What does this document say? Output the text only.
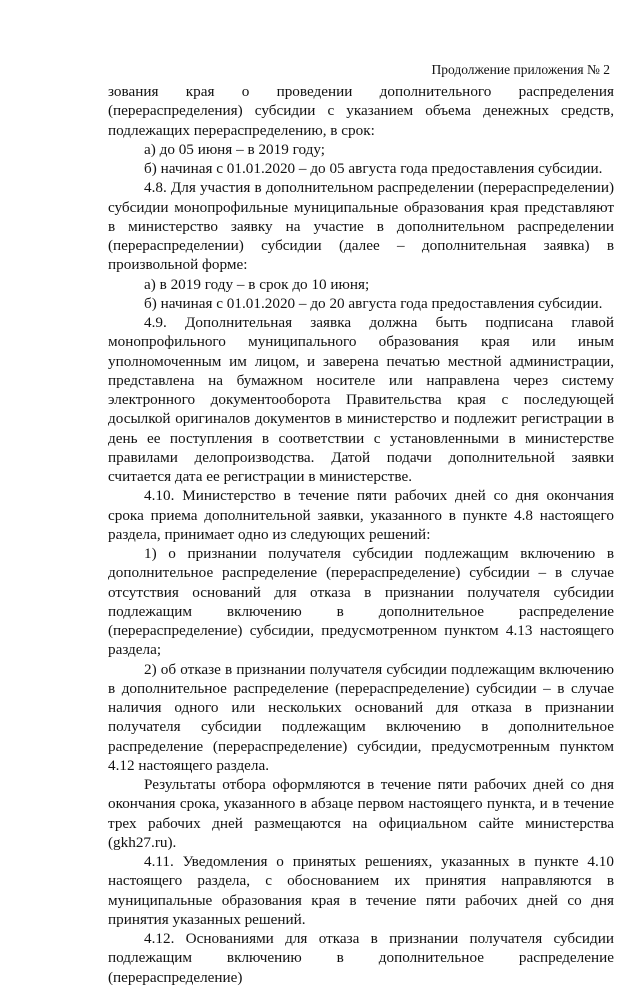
Продолжение приложения № 2

зования края о проведении дополнительного распределения (перераспределения) субсидии с указанием объема денежных средств, подлежащих перераспределению, в срок:

а) до 05 июня – в 2019 году;

б) начиная с 01.01.2020 – до 05 августа года предоставления субсидии.

4.8. Для участия в дополнительном распределении (перераспределении) субсидии монопрофильные муниципальные образования края представляют в министерство заявку на участие в дополнительном распределении (перераспределении) субсидии (далее – дополнительная заявка) в произвольной форме:

а) в 2019 году – в срок до 10 июня;

б) начиная с 01.01.2020 – до 20 августа года предоставления субсидии.

4.9. Дополнительная заявка должна быть подписана главой монопрофильного муниципального образования края или иным уполномоченным им лицом, и заверена печатью местной администрации, представлена на бумажном носителе или направлена через систему электронного документооборота Правительства края с последующей досылкой оригиналов документов в министерство и подлежит регистрации в день ее поступления в соответствии с установленными в министерстве правилами делопроизводства. Датой подачи дополнительной заявки считается дата ее регистрации в министерстве.

4.10. Министерство в течение пяти рабочих дней со дня окончания срока приема дополнительной заявки, указанного в пункте 4.8 настоящего раздела, принимает одно из следующих решений:

1) о признании получателя субсидии подлежащим включению в дополнительное распределение (перераспределение) субсидии – в случае отсутствия оснований для отказа в признании получателя субсидии подлежащим включению в дополнительное распределение (перераспределение) субсидии, предусмотренном пунктом 4.13 настоящего раздела;

2) об отказе в признании получателя субсидии подлежащим включению в дополнительное распределение (перераспределение) субсидии – в случае наличия одного или нескольких оснований для отказа в признании получателя субсидии подлежащим включению в дополнительное распределение (перераспределение) субсидии, предусмотренным пунктом 4.12 настоящего раздела.

Результаты отбора оформляются в течение пяти рабочих дней со дня окончания срока, указанного в абзаце первом настоящего пункта, и в течение трех рабочих дней размещаются на официальном сайте министерства (gkh27.ru).

4.11. Уведомления о принятых решениях, указанных в пункте 4.10 настоящего раздела, с обоснованием их принятия направляются в муниципальные образования края в течение пяти рабочих дней со дня принятия указанных решений.

4.12. Основаниями для отказа в признании получателя субсидии подлежащим включению в дополнительное распределение (перераспределение)
